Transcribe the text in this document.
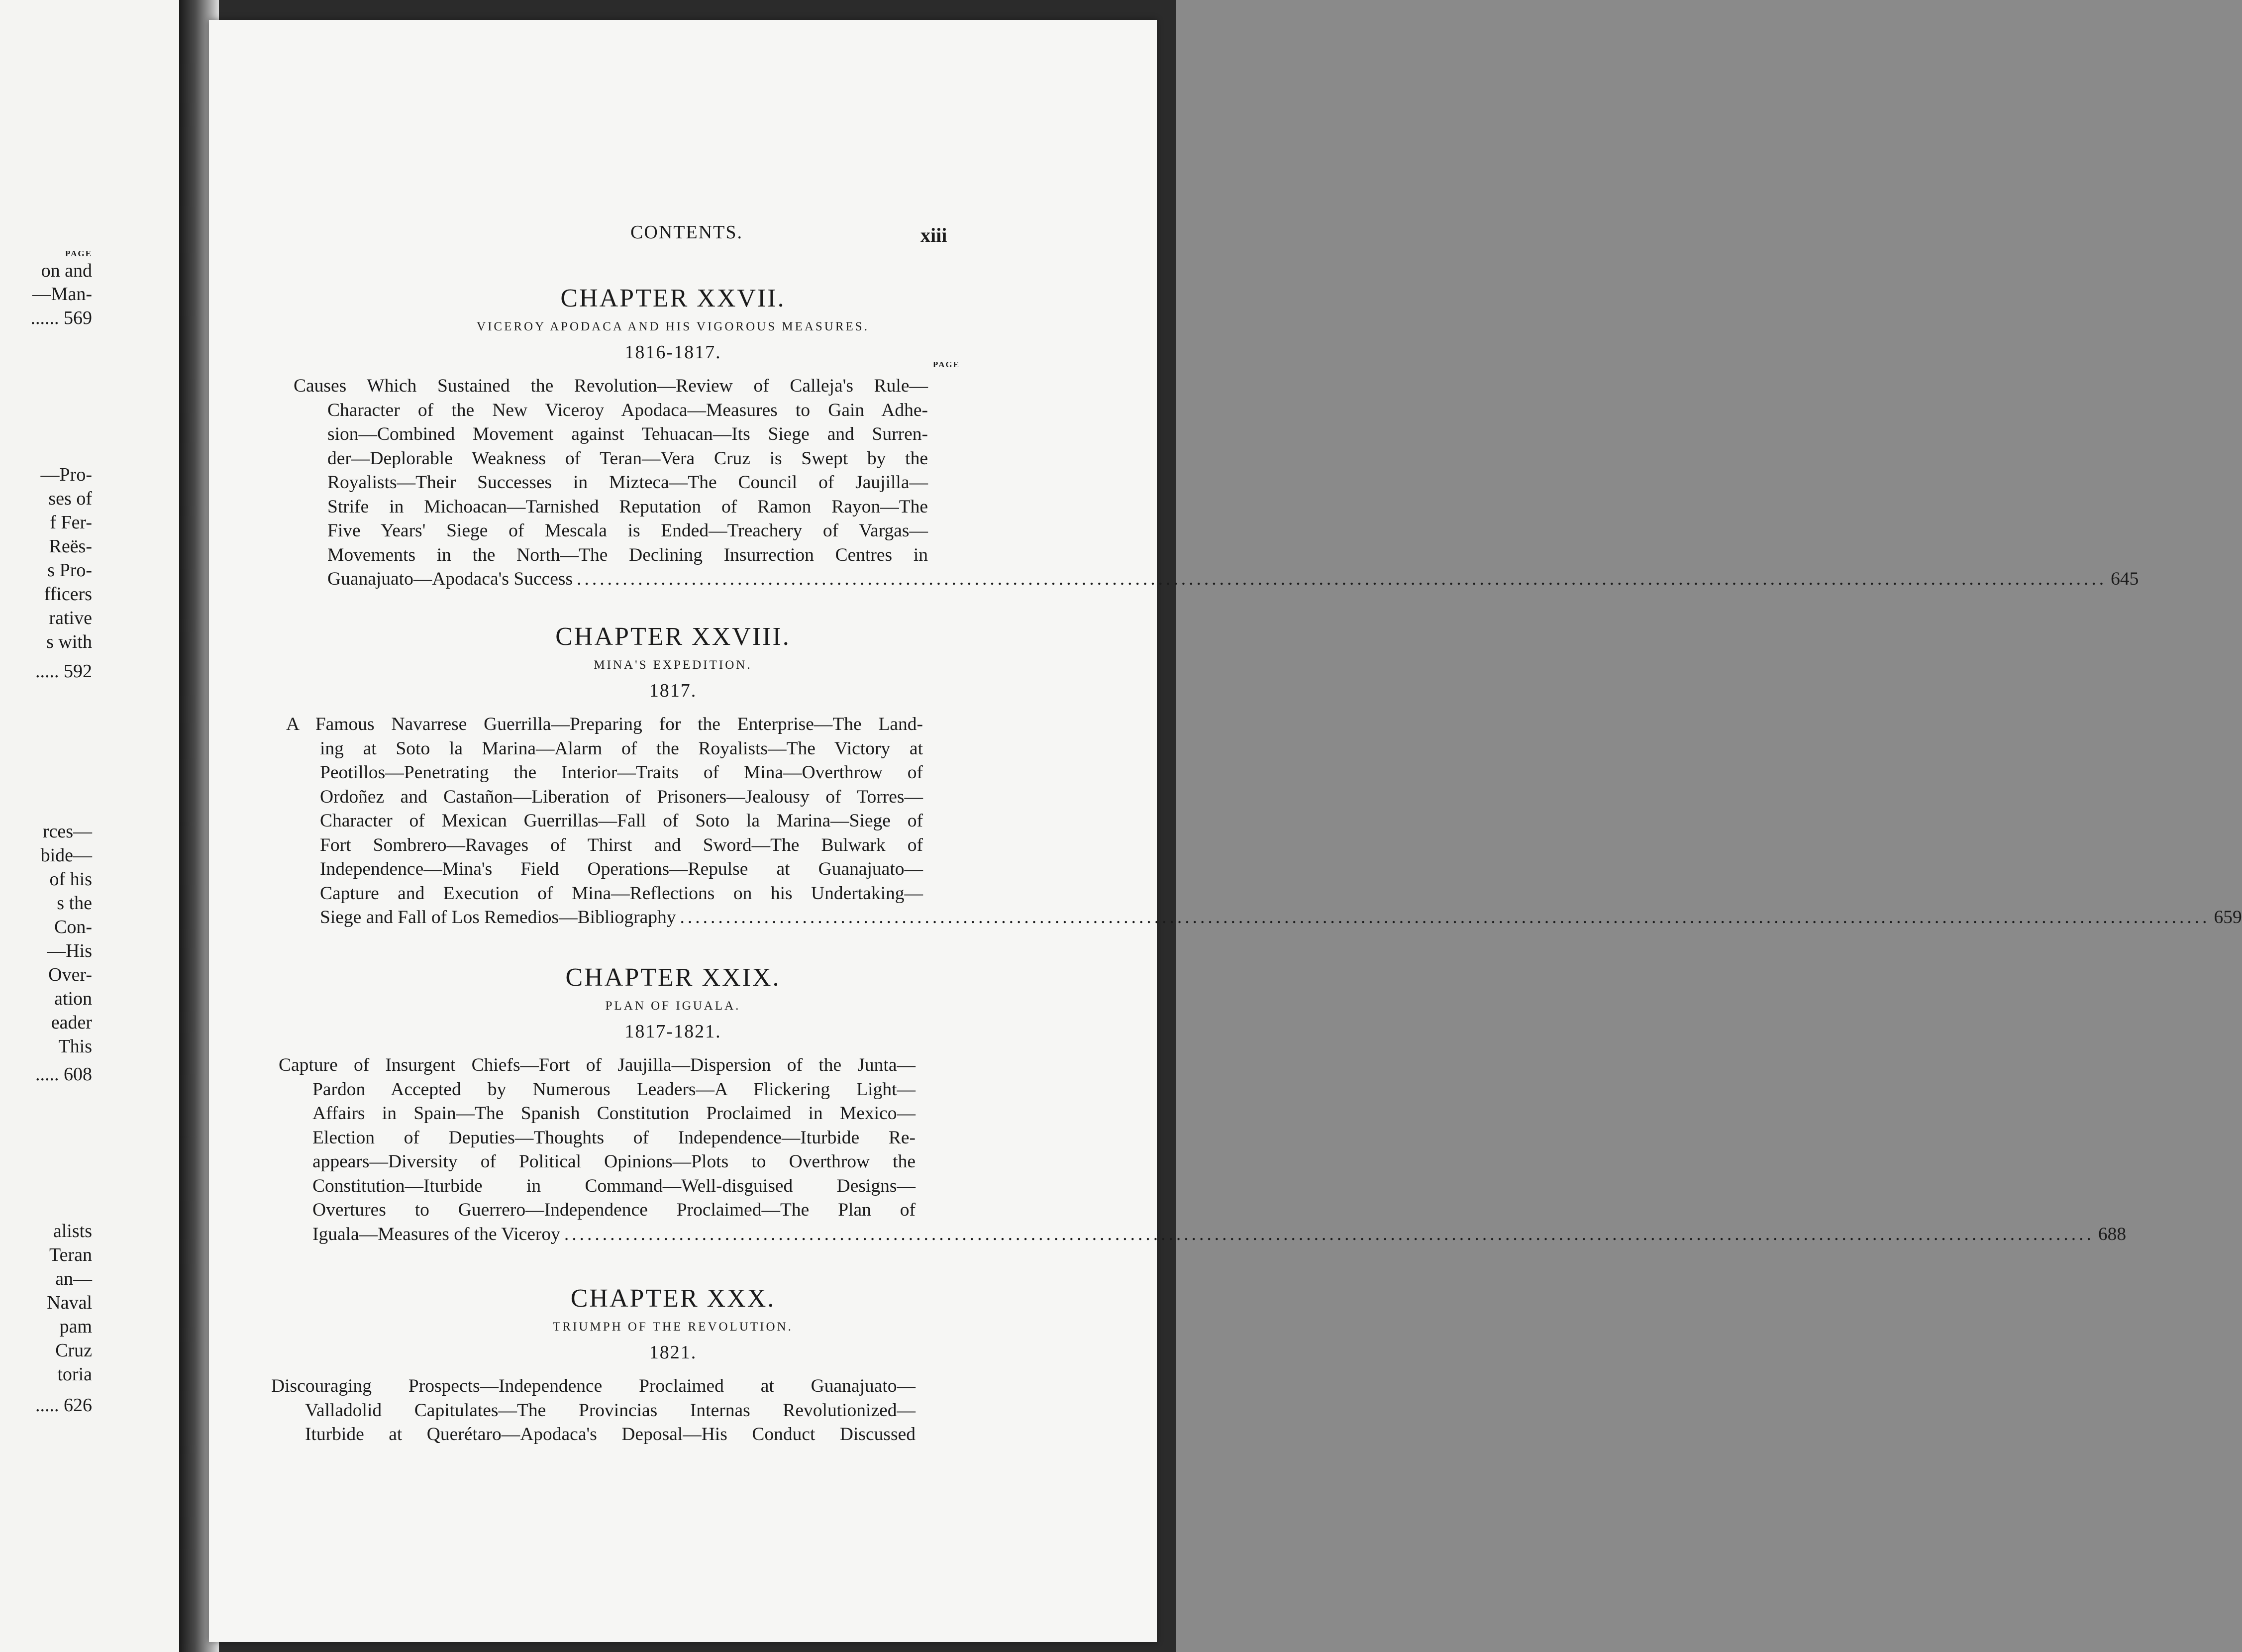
PAGE
on and
—Man-
...... 569
—Pro-
ses of
f Fer-
Reës-
s Pro-
fficers
rative
s with
..... 592
rces—
bide—
of his
s the
Con-
—His
Over-
ation
eader
This
..... 608
alists
Teran
an—
Naval
pam
Cruz
toria
..... 626
CONTENTS.	xiii
PAGE
CHAPTER XXVII.
VICEROY APODACA AND HIS VIGOROUS MEASURES.
1816-1817.
Causes Which Sustained the Revolution—Review of Calleja's Rule—
Character of the New Viceroy Apodaca—Measures to Gain Adhe-
sion—Combined Movement against Tehuacan—Its Siege and Surren-
der—Deplorable Weakness of Teran—Vera Cruz is Swept by the
Royalists—Their Successes in Mizteca—The Council of Jaujilla—
Strife in Michoacan—Tarnished Reputation of Ramon Rayon—The
Five Years' Siege of Mescala is Ended—Treachery of Vargas—
Movements in the North—The Declining Insurrection Centres in
Guanajuato—Apodaca's Success ........................................................................................................................................................................................................ 645
CHAPTER XXVIII.
MINA'S EXPEDITION.
1817.
A Famous Navarrese Guerrilla—Preparing for the Enterprise—The Land-
ing at Soto la Marina—Alarm of the Royalists—The Victory at
Peotillos—Penetrating the Interior—Traits of Mina—Overthrow of
Ordoñez and Castañon—Liberation of Prisoners—Jealousy of Torres—
Character of Mexican Guerrillas—Fall of Soto la Marina—Siege of
Fort Sombrero—Ravages of Thirst and Sword—The Bulwark of
Independence—Mina's Field Operations—Repulse at Guanajuato—
Capture and Execution of Mina—Reflections on his Undertaking—
Siege and Fall of Los Remedios—Bibliography ........................................................................................................................................................................................................ 659
CHAPTER XXIX.
PLAN OF IGUALA.
1817-1821.
Capture of Insurgent Chiefs—Fort of Jaujilla—Dispersion of the Junta—
Pardon Accepted by Numerous Leaders—A Flickering Light—
Affairs in Spain—The Spanish Constitution Proclaimed in Mexico—
Election of Deputies—Thoughts of Independence—Iturbide Re-
appears—Diversity of Political Opinions—Plots to Overthrow the
Constitution—Iturbide in Command—Well-disguised Designs—
Overtures to Guerrero—Independence Proclaimed—The Plan of
Iguala—Measures of the Viceroy ........................................................................................................................................................................................................ 688
CHAPTER XXX.
TRIUMPH OF THE REVOLUTION.
1821.
Discouraging Prospects—Independence Proclaimed at Guanajuato—
Valladolid Capitulates—The Provincias Internas Revolutionized—
Iturbide at Querétaro—Apodaca's Deposal—His Conduct Discussed
